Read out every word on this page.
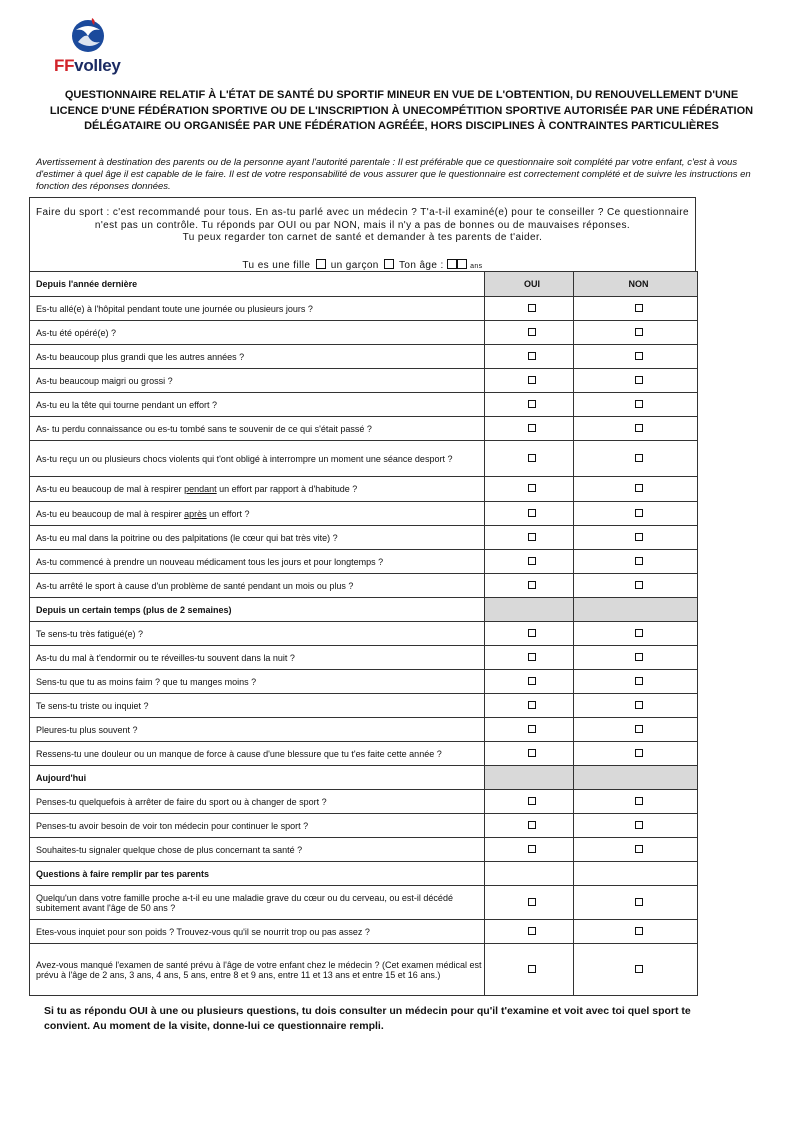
FFvolley
QUESTIONNAIRE RELATIF À L'ÉTAT DE SANTÉ DU SPORTIF MINEUR EN VUE DE L'OBTENTION, DU RENOUVELLEMENT D'UNE LICENCE D'UNE FÉDÉRATION SPORTIVE OU DE L'INSCRIPTION À UNECOMPÉTITION SPORTIVE AUTORISÉE PAR UNE FÉDÉRATION DÉLÉGATAIRE OU ORGANISÉE PAR UNE FÉDÉRATION AGRÉÉE, HORS DISCIPLINES À CONTRAINTES PARTICULIÈRES
Avertissement à destination des parents ou de la personne ayant l'autorité parentale : Il est préférable que ce questionnaire soit complété par votre enfant, c'est à vous d'estimer à quel âge il est capable de le faire. Il est de votre responsabilité de vous assurer que le questionnaire est correctement complété et de suivre les instructions en fonction des réponses données.
Faire du sport : c'est recommandé pour tous. En as-tu parlé avec un médecin ? T'a-t-il examiné(e) pour te conseiller ? Ce questionnaire n'est pas un contrôle. Tu réponds par OUI ou par NON, mais il n'y a pas de bonnes ou de mauvaises réponses.
Tu peux regarder ton carnet de santé et demander à tes parents de t'aider.
Tu es une fille un garçon Ton âge :	ans
Depuis l'année dernière	OUI	NON
Es-tu allé(e) à l'hôpital pendant toute une journée ou plusieurs jours ?		
As-tu été opéré(e) ?		
As-tu beaucoup plus grandi que les autres années ?		
As-tu beaucoup maigri ou grossi ?		
As-tu eu la tête qui tourne pendant un effort ?		
As- tu perdu connaissance ou es-tu tombé sans te souvenir de ce qui s'était passé ?		
As-tu reçu un ou plusieurs chocs violents qui t'ont obligé à interrompre un moment une séance desport ?		
As-tu eu beaucoup de mal à respirer pendant un effort par rapport à d'habitude ?		
As-tu eu beaucoup de mal à respirer après un effort ?		
As-tu eu mal dans la poitrine ou des palpitations (le cœur qui bat très vite) ?		
As-tu commencé à prendre un nouveau médicament tous les jours et pour longtemps ?		
As-tu arrêté le sport à cause d'un problème de santé pendant un mois ou plus ?		
Depuis un certain temps (plus de 2 semaines)		
Te sens-tu très fatigué(e) ?		
As-tu du mal à t'endormir ou te réveilles-tu souvent dans la nuit ?		
Sens-tu que tu as moins faim ? que tu manges moins ?		
Te sens-tu triste ou inquiet ?		
Pleures-tu plus souvent ?		
Ressens-tu une douleur ou un manque de force à cause d'une blessure que tu t'es faite cette année ?		
Aujourd'hui		
Penses-tu quelquefois à arrêter de faire du sport ou à changer de sport ?		
Penses-tu avoir besoin de voir ton médecin pour continuer le sport ?		
Souhaites-tu signaler quelque chose de plus concernant ta santé ?		
Questions à faire remplir par tes parents		
Quelqu'un dans votre famille proche a-t-il eu une maladie grave du cœur ou du cerveau, ou est-il décédé subitement avant l'âge de 50 ans ?		
Etes-vous inquiet pour son poids ? Trouvez-vous qu'il se nourrit trop ou pas assez ?		
Avez-vous manqué l'examen de santé prévu à l'âge de votre enfant chez le médecin ? (Cet examen médical est prévu à l'âge de 2 ans, 3 ans, 4 ans, 5 ans, entre 8 et 9 ans, entre 11 et 13 ans et entre 15 et 16 ans.)		
Si tu as répondu OUI à une ou plusieurs questions, tu dois consulter un médecin pour qu'il t'examine et voit avec toi quel sport te convient. Au moment de la visite, donne-lui ce questionnaire rempli.
